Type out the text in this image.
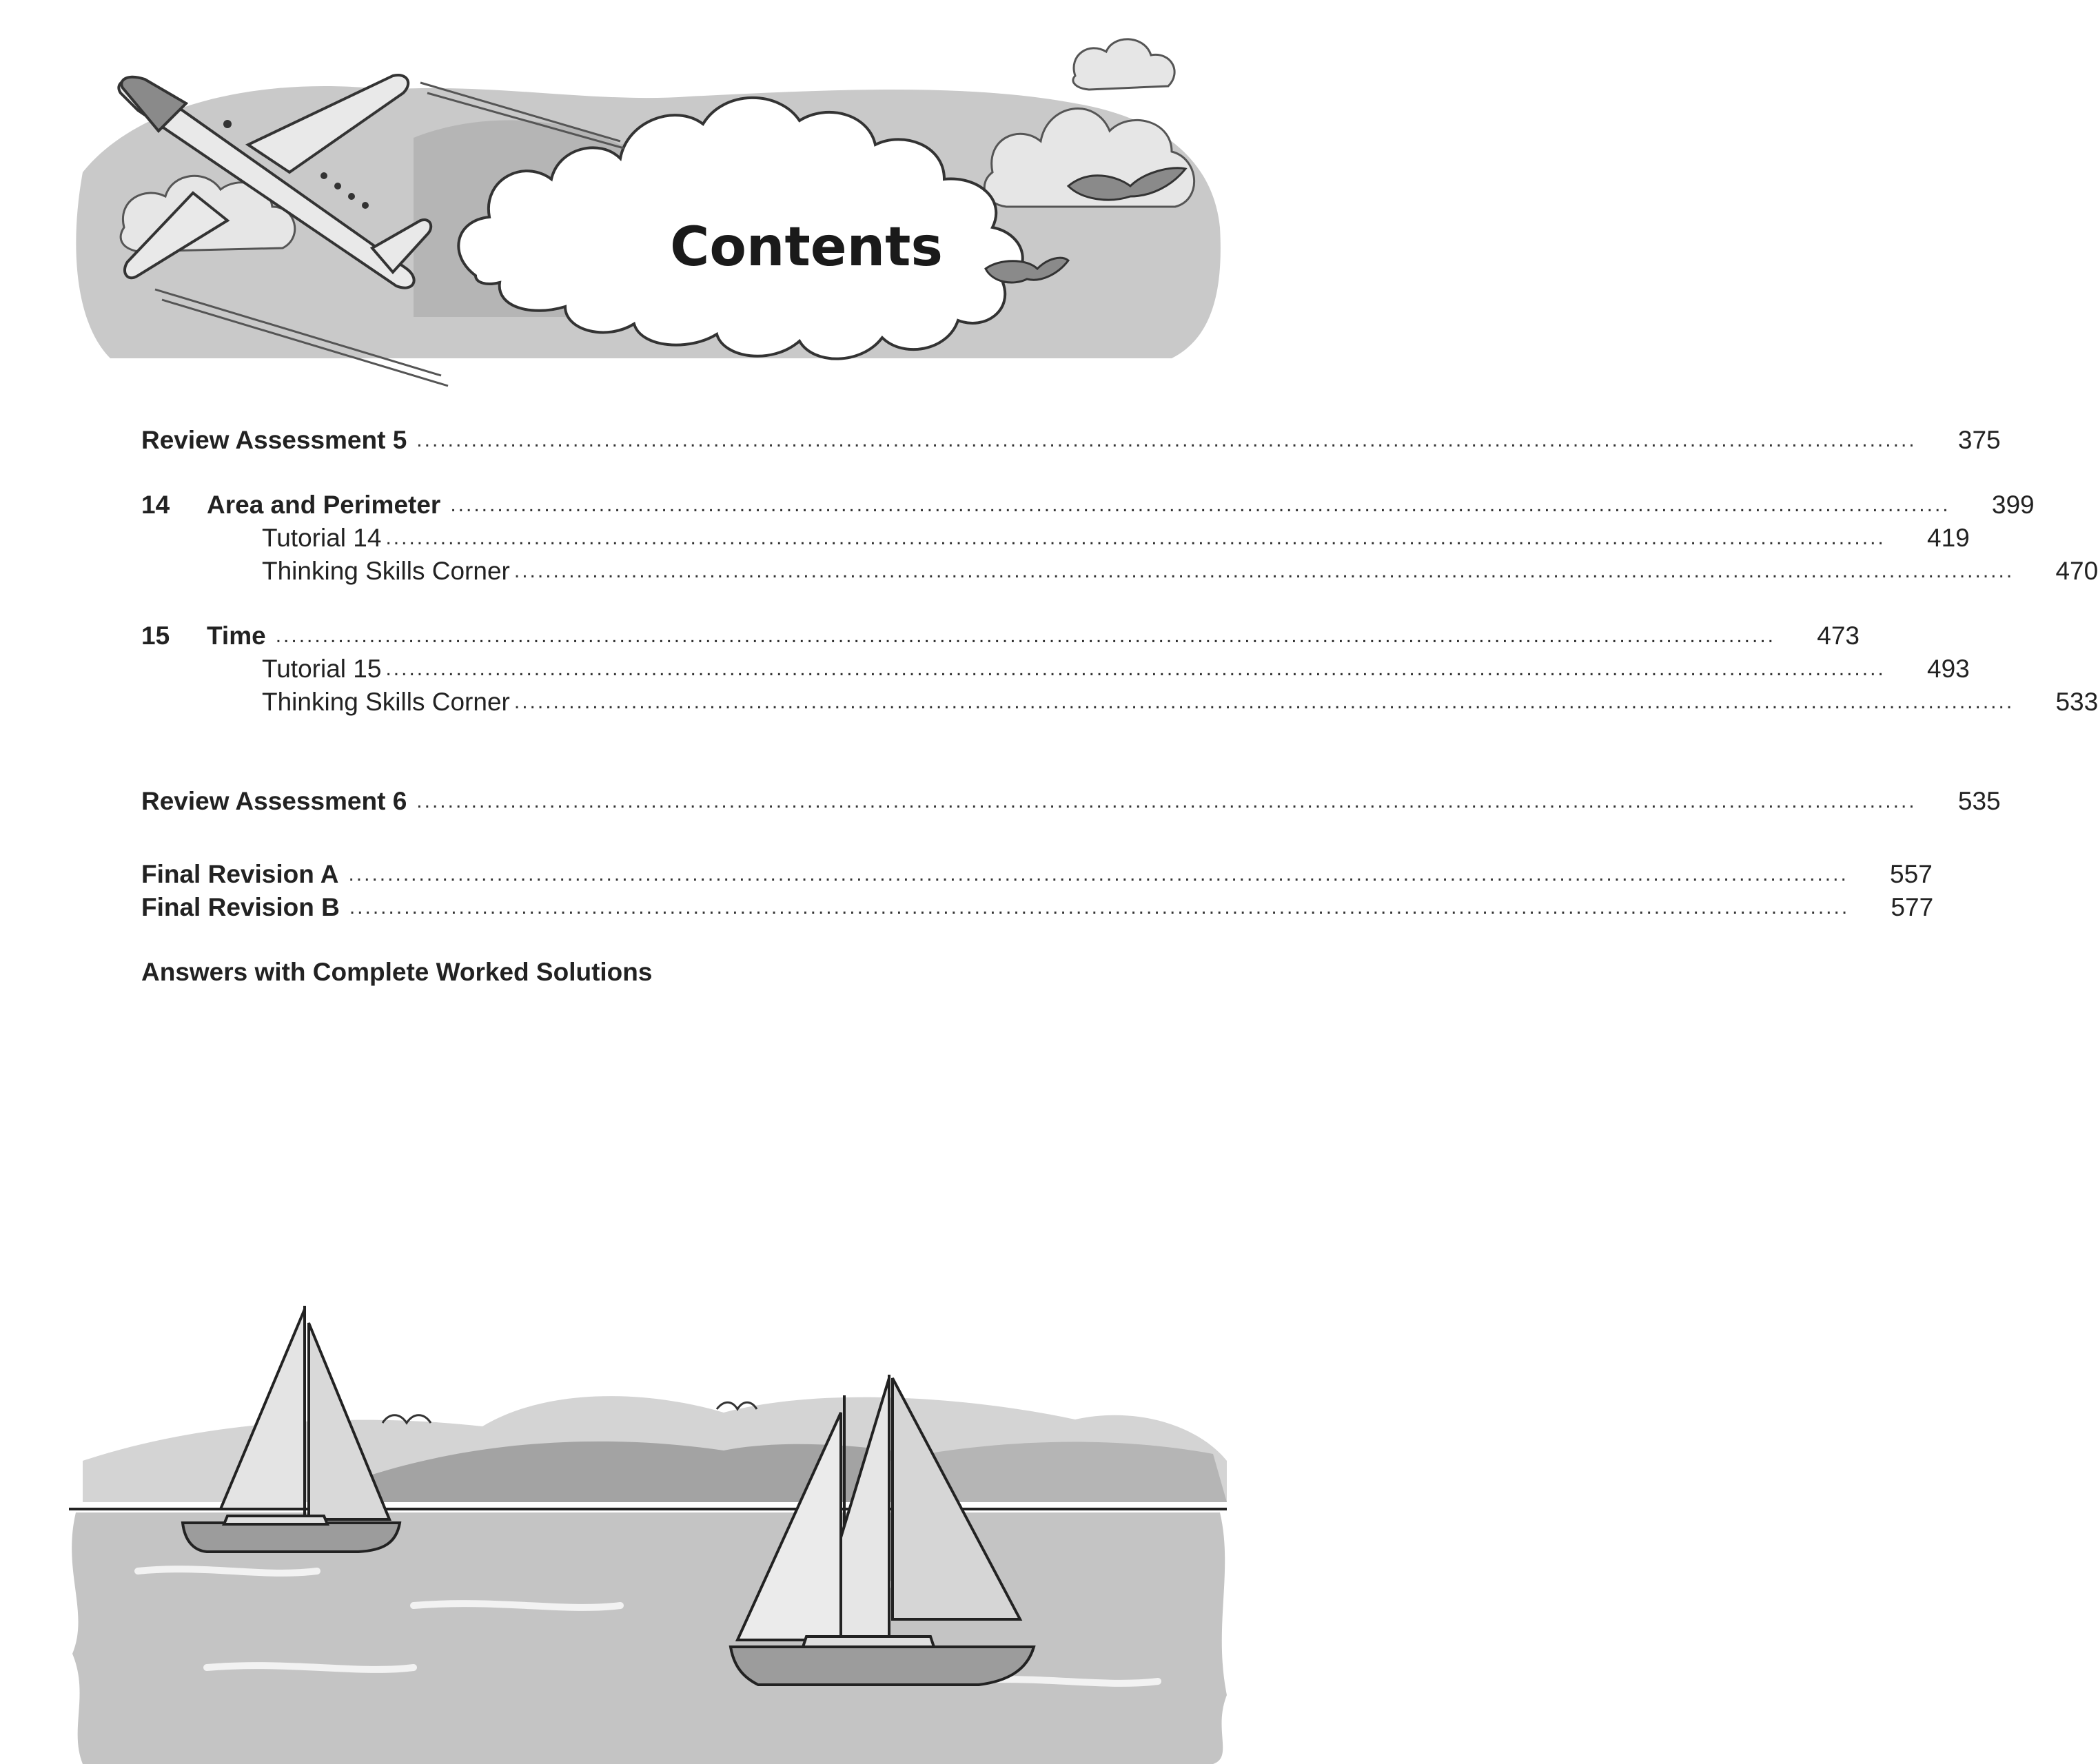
Contents
Review Assessment 5 ................................................................................................................................................................................................	375
14	Area and Perimeter ................................................................................................................................................................................................	399
Tutorial 14 ................................................................................................................................................................................................	419
Thinking Skills Corner ................................................................................................................................................................................................	470
15	Time ................................................................................................................................................................................................	473
Tutorial 15 ................................................................................................................................................................................................	493
Thinking Skills Corner ................................................................................................................................................................................................	533
Review Assessment 6 ................................................................................................................................................................................................	535
Final Revision A ................................................................................................................................................................................................	557
Final Revision B ................................................................................................................................................................................................	577
Answers with Complete Worked Solutions
